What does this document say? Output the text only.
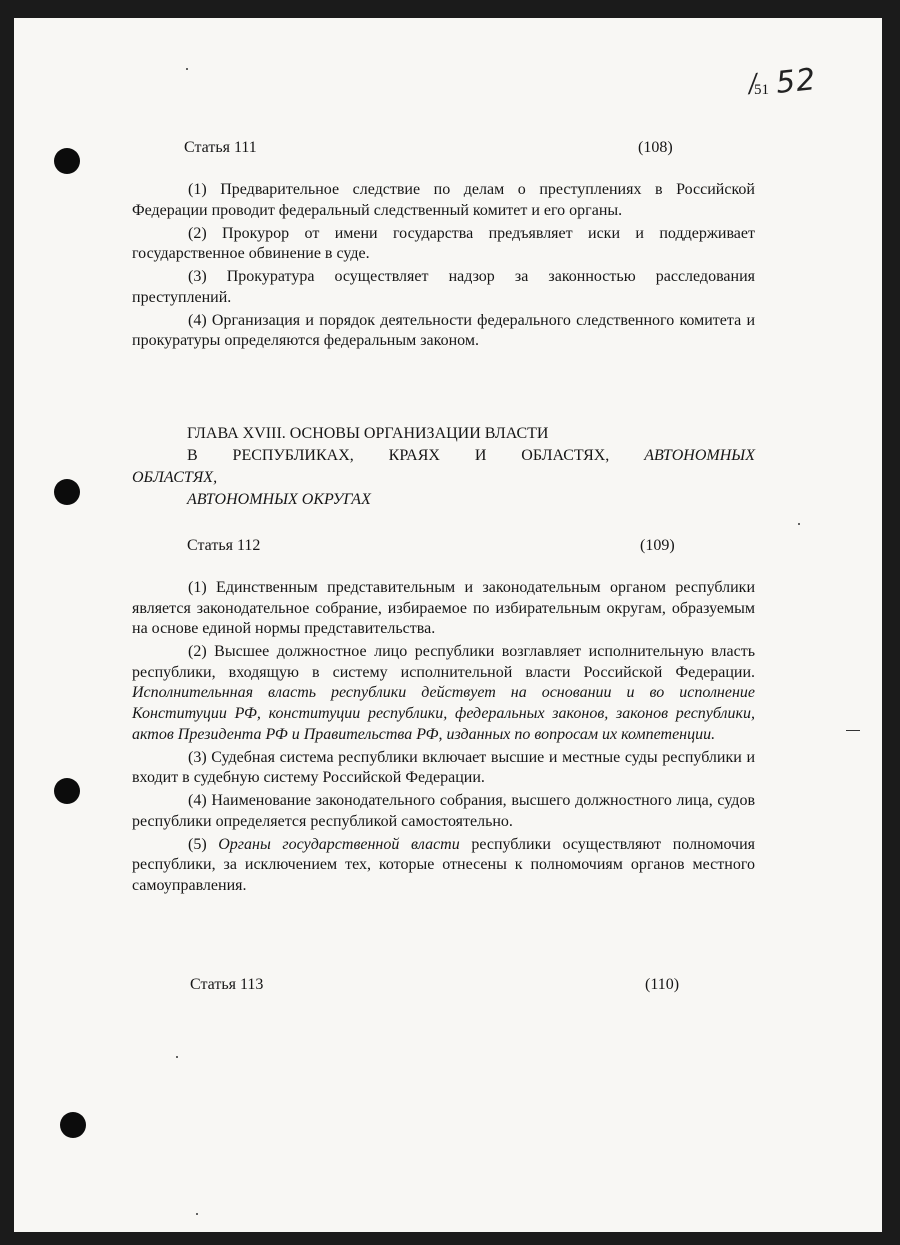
⁄
51 52
Статья 111	(108)

(1) Предварительное следствие по делам о преступлениях в Российской Федерации проводит федеральный следственный комитет и его органы.

(2) Прокурор от имени государства предъявляет иски и поддерживает государственное обвинение в суде.

(3) Прокуратура осуществляет надзор за законностью расследования преступлений.

(4) Организация и порядок деятельности федерального следственного комитета и прокуратуры определяются федеральным законом.

ГЛАВА XVIII. ОСНОВЫ ОРГАНИЗАЦИИ ВЛАСТИ
В РЕСПУБЛИКАХ, КРАЯХ И ОБЛАСТЯХ, АВТОНОМНЫХ
ОБЛАСТЯХ,
АВТОНОМНЫХ ОКРУГАХ
Статья 112	(109)

(1) Единственным представительным и законодательным органом республики является законодательное собрание, избираемое по избирательным округам, образуемым на основе единой нормы представительства.

(2) Высшее должностное лицо республики возглавляет исполнительную власть республики, входящую в систему исполнительной власти Российской Федерации. Исполнительнная власть республики действует на основании и во исполнение Конституции РФ, конституции республики, федеральных законов, законов республики, актов Президента РФ и Правительства РФ, изданных по вопросам их компетенции.

(3) Судебная система республики включает высшие и местные суды республики и входит в судебную систему Российской Федерации.

(4) Наименование законодательного собрания, высшего должностного лица, судов республики определяется республикой самостоятельно.

(5) Органы государственной власти республики осуществляют полномочия республики, за исключением тех, которые отнесены к полномочиям органов местного самоуправления.

Статья 113	(110)
